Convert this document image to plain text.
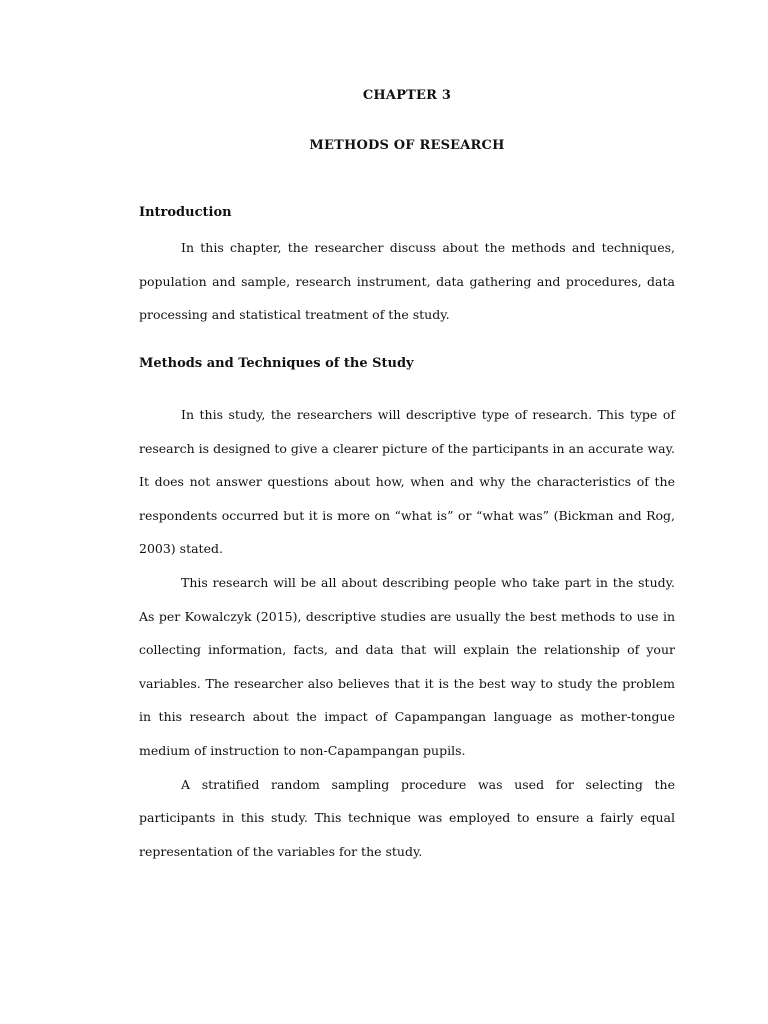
CHAPTER 3
METHODS OF RESEARCH

Introduction

In this chapter, the researcher discuss about the methods and techniques, population and sample, research instrument, data gathering and procedures, data processing and statistical treatment of the study.

Methods and Techniques of the Study

In this study, the researchers will descriptive type of research. This type of research is designed to give a clearer picture of the participants in an accurate way. It does not answer questions about how, when and why the characteristics of the respondents occurred but it is more on “what is” or “what was” (Bickman and Rog, 2003) stated.

This research will be all about describing people who take part in the study. As per Kowalczyk (2015), descriptive studies are usually the best methods to use in collecting information, facts, and data that will explain the relationship of your variables. The researcher also believes that it is the best way to study the problem in this research about the impact of Capampangan language as mother-tongue medium of instruction to non-Capampangan pupils.

A stratified random sampling procedure was used for selecting the participants in this study. This technique was employed to ensure a fairly equal representation of the variables for the study.
